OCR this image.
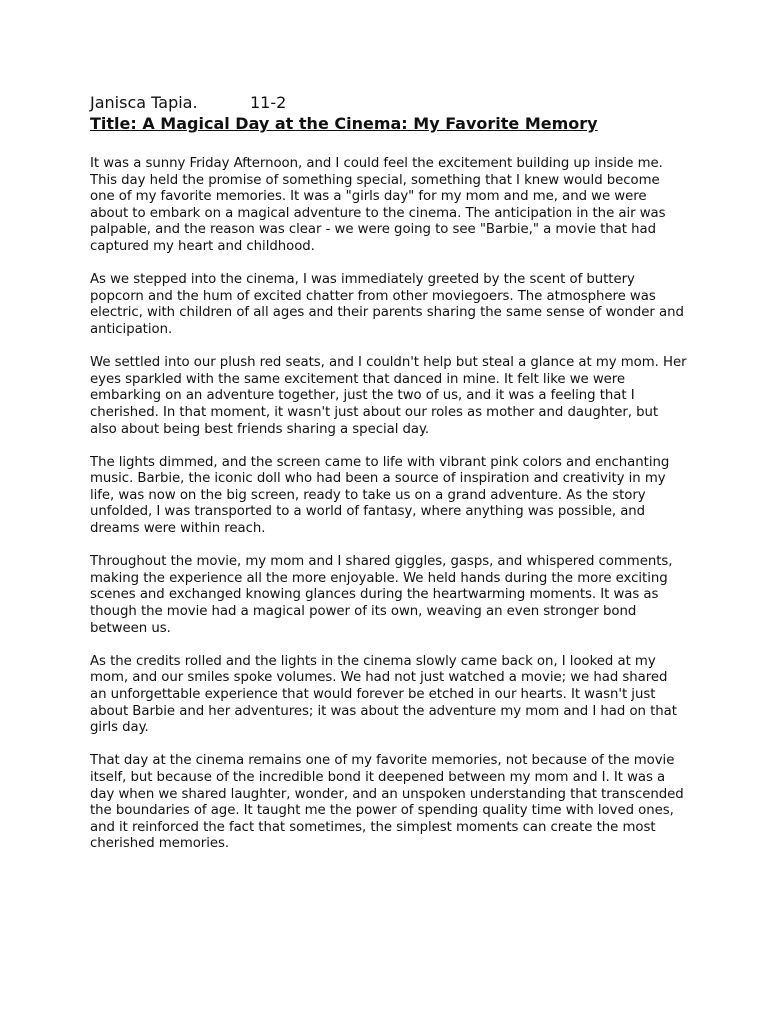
Janisca Tapia.	11-2
Title: A Magical Day at the Cinema: My Favorite Memory

It was a sunny Friday Afternoon, and I could feel the excitement building up inside me. This day held the promise of something special, something that I knew would become one of my favorite memories. It was a "girls day" for my mom and me, and we were about to embark on a magical adventure to the cinema. The anticipation in the air was palpable, and the reason was clear - we were going to see "Barbie," a movie that had captured my heart and childhood.

As we stepped into the cinema, I was immediately greeted by the scent of buttery popcorn and the hum of excited chatter from other moviegoers. The atmosphere was electric, with children of all ages and their parents sharing the same sense of wonder and anticipation.

We settled into our plush red seats, and I couldn't help but steal a glance at my mom. Her eyes sparkled with the same excitement that danced in mine. It felt like we were embarking on an adventure together, just the two of us, and it was a feeling that I cherished. In that moment, it wasn't just about our roles as mother and daughter, but also about being best friends sharing a special day.

The lights dimmed, and the screen came to life with vibrant pink colors and enchanting music. Barbie, the iconic doll who had been a source of inspiration and creativity in my life, was now on the big screen, ready to take us on a grand adventure. As the story unfolded, I was transported to a world of fantasy, where anything was possible, and dreams were within reach.

Throughout the movie, my mom and I shared giggles, gasps, and whispered comments, making the experience all the more enjoyable. We held hands during the more exciting scenes and exchanged knowing glances during the heartwarming moments. It was as though the movie had a magical power of its own, weaving an even stronger bond between us.

As the credits rolled and the lights in the cinema slowly came back on, I looked at my mom, and our smiles spoke volumes. We had not just watched a movie; we had shared an unforgettable experience that would forever be etched in our hearts. It wasn't just about Barbie and her adventures; it was about the adventure my mom and I had on that girls day.

That day at the cinema remains one of my favorite memories, not because of the movie itself, but because of the incredible bond it deepened between my mom and I. It was a day when we shared laughter, wonder, and an unspoken understanding that transcended the boundaries of age. It taught me the power of spending quality time with loved ones, and it reinforced the fact that sometimes, the simplest moments can create the most cherished memories.
